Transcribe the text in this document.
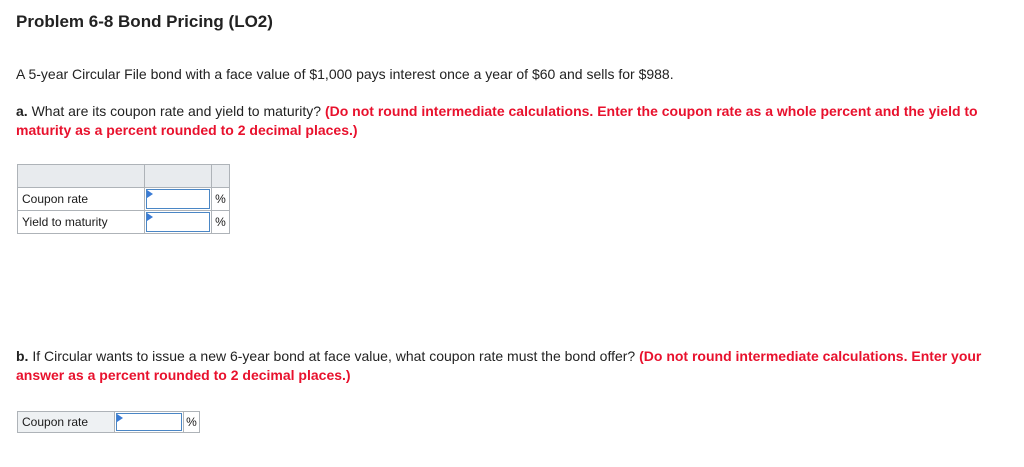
Problem 6-8 Bond Pricing (LO2)
A 5-year Circular File bond with a face value of $1,000 pays interest once a year of $60 and sells for $988.
a. What are its coupon rate and yield to maturity? (Do not round intermediate calculations. Enter the coupon rate as a whole percent and the yield to maturity as a percent rounded to 2 decimal places.)

Coupon rate		%
Yield to maturity		%
b. If Circular wants to issue a new 6-year bond at face value, what coupon rate must the bond offer? (Do not round intermediate calculations. Enter your answer as a percent rounded to 2 decimal places.)
Coupon rate		%
